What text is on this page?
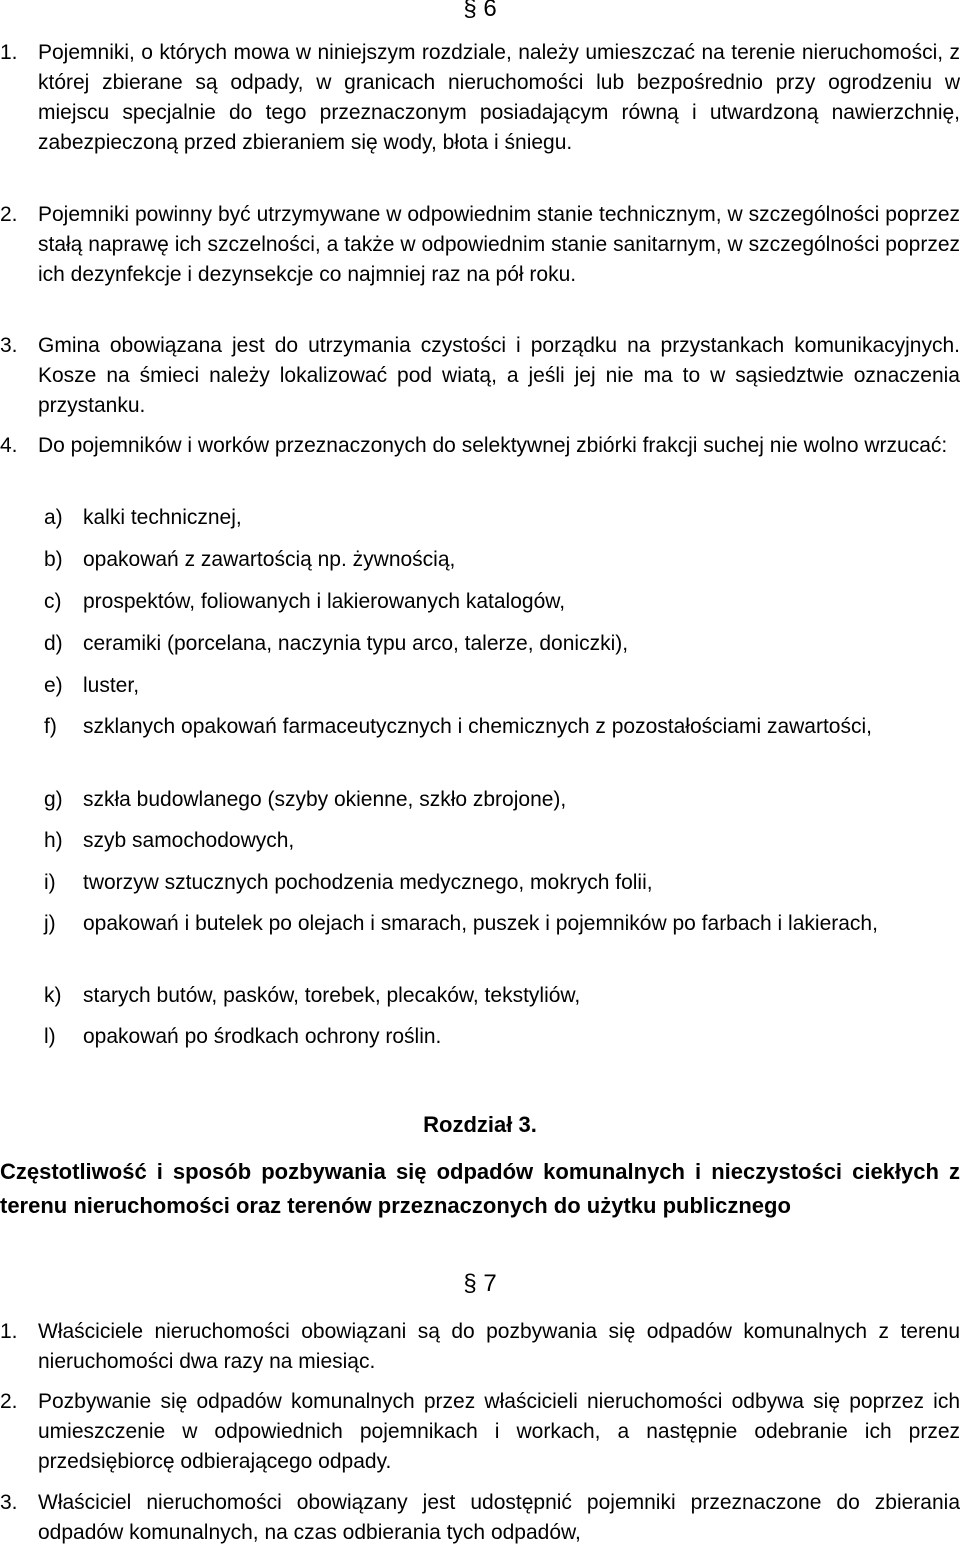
§ 6
1. Pojemniki, o których mowa w niniejszym rozdziale, należy umieszczać na terenie nieruchomości, z której zbierane są odpady, w granicach nieruchomości lub bezpośrednio przy ogrodzeniu w miejscu specjalnie do tego przeznaczonym posiadającym równą i utwardzoną nawierzchnię, zabezpieczoną przed zbieraniem się wody, błota i śniegu.
2. Pojemniki powinny być utrzymywane w odpowiednim stanie technicznym, w szczególności poprzez stałą naprawę ich szczelności, a także w odpowiednim stanie sanitarnym, w szczególności poprzez ich dezynfekcje i dezynsekcje co najmniej raz na pół roku.
3. Gmina obowiązana jest do utrzymania czystości i porządku na przystankach komunikacyjnych. Kosze na śmieci należy lokalizować pod wiatą, a jeśli jej nie ma to w sąsiedztwie oznaczenia przystanku.
4. Do pojemników i worków przeznaczonych do selektywnej zbiórki frakcji suchej nie wolno wrzucać:
a) kalki technicznej,
b) opakowań z zawartością np. żywnością,
c) prospektów, foliowanych i lakierowanych katalogów,
d) ceramiki (porcelana, naczynia typu arco, talerze, doniczki),
e) luster,
f) szklanych opakowań farmaceutycznych i chemicznych z pozostałościami zawartości,
g) szkła budowlanego (szyby okienne, szkło zbrojone),
h) szyb samochodowych,
i) tworzyw sztucznych pochodzenia medycznego, mokrych folii,
j) opakowań i butelek po olejach i smarach, puszek i pojemników po farbach i lakierach,
k) starych butów, pasków, torebek, plecaków, tekstyliów,
l) opakowań po środkach ochrony roślin.
Rozdział 3.

Częstotliwość i sposób pozbywania się odpadów komunalnych i nieczystości ciekłych z terenu nieruchomości oraz terenów przeznaczonych do użytku publicznego

§ 7
1. Właściciele nieruchomości obowiązani są do pozbywania się odpadów komunalnych z terenu nieruchomości dwa razy na miesiąc.
2. Pozbywanie się odpadów komunalnych przez właścicieli nieruchomości odbywa się poprzez ich umieszczenie w odpowiednich pojemnikach i workach, a następnie odebranie ich przez przedsiębiorcę odbierającego odpady.
3. Właściciel nieruchomości obowiązany jest udostępnić pojemniki przeznaczone do zbierania odpadów komunalnych, na czas odbierania tych odpadów,
